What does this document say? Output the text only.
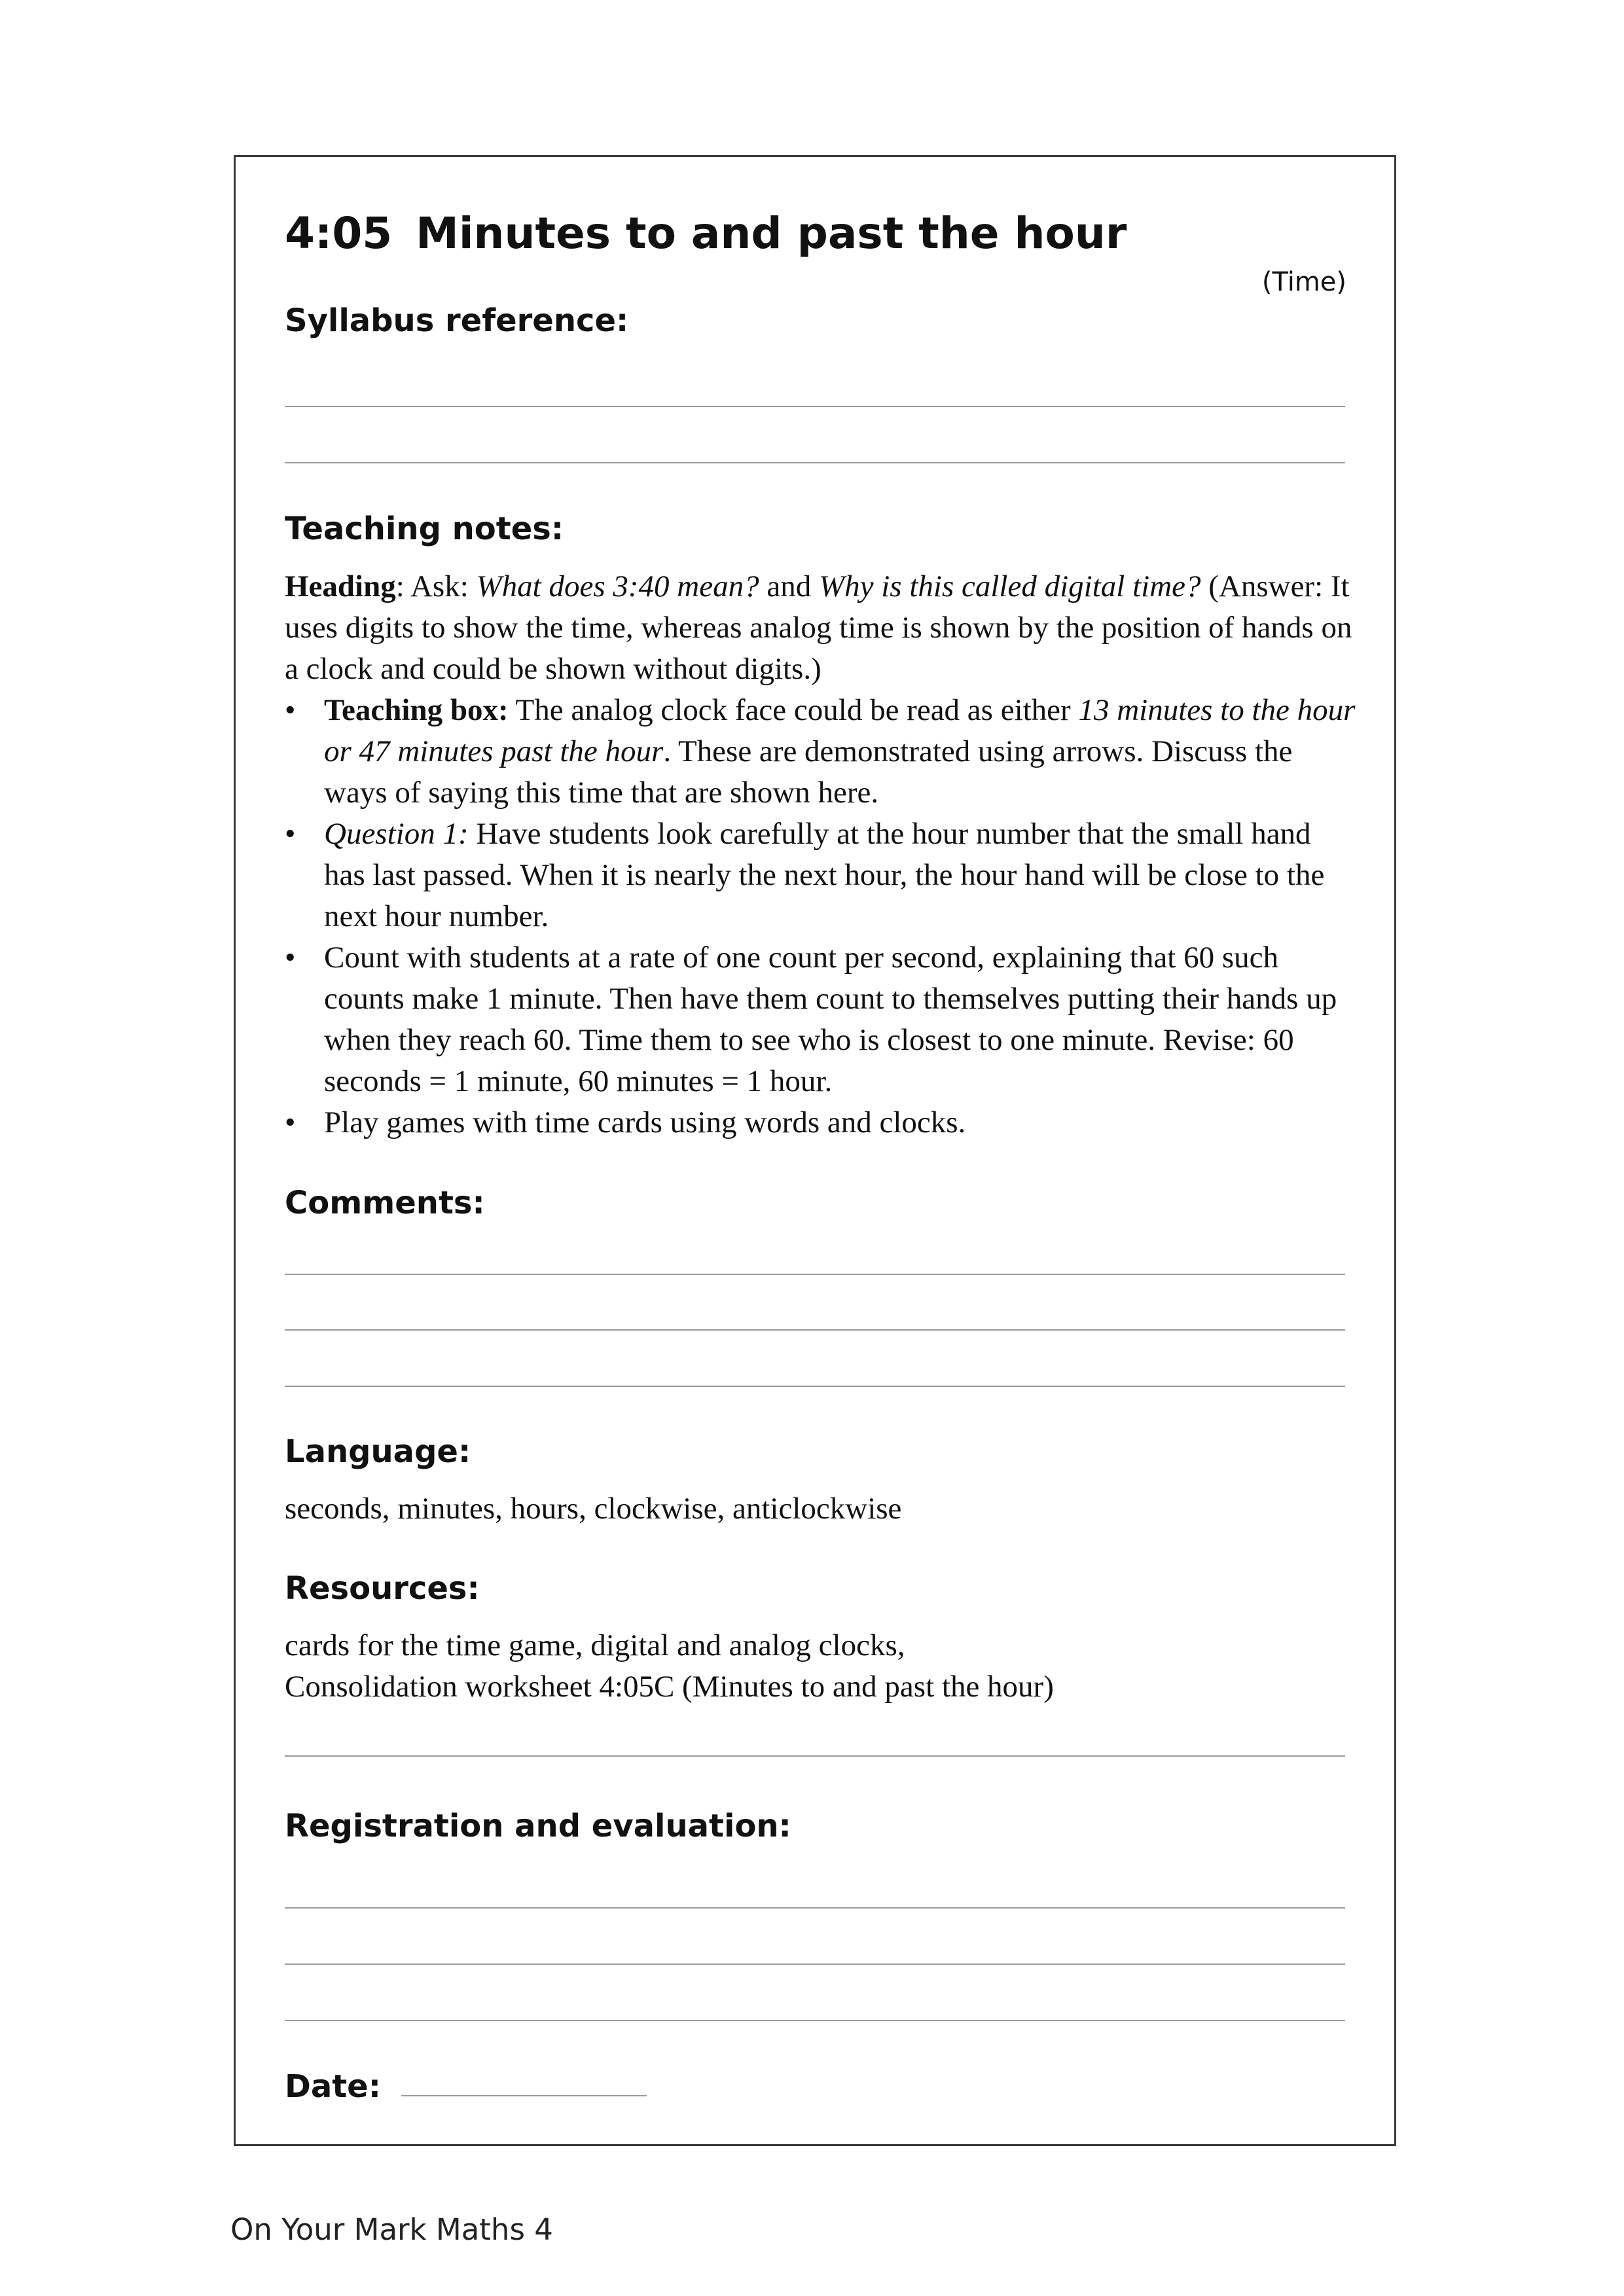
4:05 Minutes to and past the hour
(Time)
Syllabus reference:
Teaching notes:

Heading: Ask: What does 3:40 mean? and Why is this called digital time? (Answer: It uses digits to show the time, whereas analog time is shown by the position of hands on a clock and could be shown without digits.)

• Teaching box: The analog clock face could be read as either 13 minutes to the hour or 47 minutes past the hour. These are demonstrated using arrows. Discuss the ways of saying this time that are shown here.
• Question 1: Have students look carefully at the hour number that the small hand has last passed. When it is nearly the next hour, the hour hand will be close to the next hour number.
• Count with students at a rate of one count per second, explaining that 60 such counts make 1 minute. Then have them count to themselves putting their hands up when they reach 60. Time them to see who is closest to one minute. Revise: 60 seconds = 1 minute, 60 minutes = 1 hour.
• Play games with time cards using words and clocks.
Comments:
Language:

seconds, minutes, hours, clockwise, anticlockwise

Resources:

cards for the time game, digital and analog clocks,

Consolidation worksheet 4:05C (Minutes to and past the hour)

Registration and evaluation:
Date:
On Your Mark Maths 4
